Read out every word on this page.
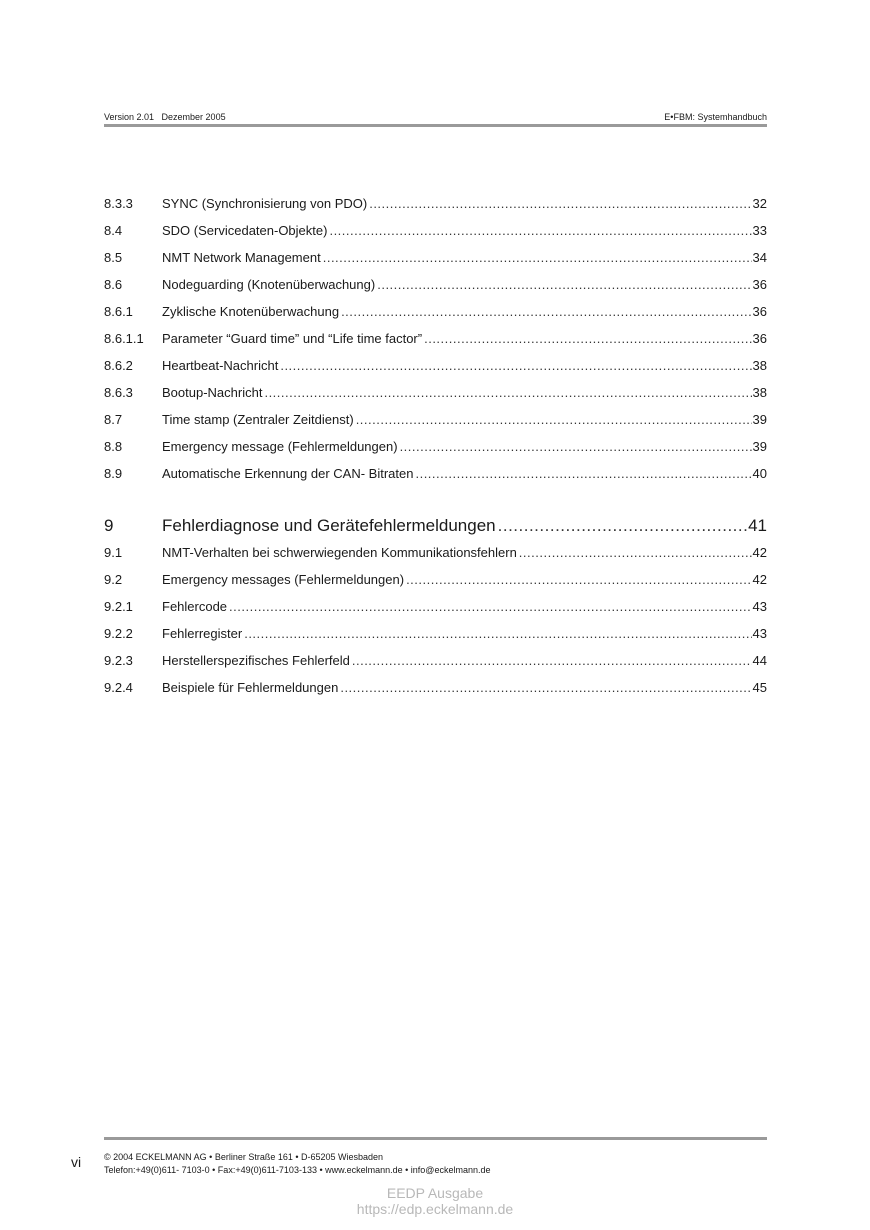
Version 2.01   Dezember 2005	E•FBM: Systemhandbuch
8.3.3	SYNC (Synchronisierung von PDO) .....	32
8.4	SDO (Servicedaten-Objekte) .....	33
8.5	NMT Network Management .....	34
8.6	Nodeguarding (Knotenüberwachung) .....	36
8.6.1	Zyklische Knotenüberwachung .....	36
8.6.1.1	Parameter “Guard time” und “Life time factor” .....	36
8.6.2	Heartbeat-Nachricht .....	38
8.6.3	Bootup-Nachricht .....	38
8.7	Time stamp (Zentraler Zeitdienst) .....	39
8.8	Emergency message (Fehlermeldungen) .....	39
8.9	Automatische Erkennung der CAN- Bitraten .....	40
9	Fehlerdiagnose und Gerätefehlermeldungen .....	41
9.1	NMT-Verhalten bei schwerwiegenden Kommunikationsfehlern .....	42
9.2	Emergency messages (Fehlermeldungen) .....	42
9.2.1	Fehlercode .....	43
9.2.2	Fehlerregister .....	43
9.2.3	Herstellerspezifisches Fehlerfeld .....	44
9.2.4	Beispiele für Fehlermeldungen .....	45
vi	© 2004 ECKELMANN AG • Berliner Straße 161 • D-65205 Wiesbaden
Telefon:+49(0)611- 7103-0 • Fax:+49(0)611-7103-133 • www.eckelmann.de • info@eckelmann.de
EEDP Ausgabe
https://edp.eckelmann.de
